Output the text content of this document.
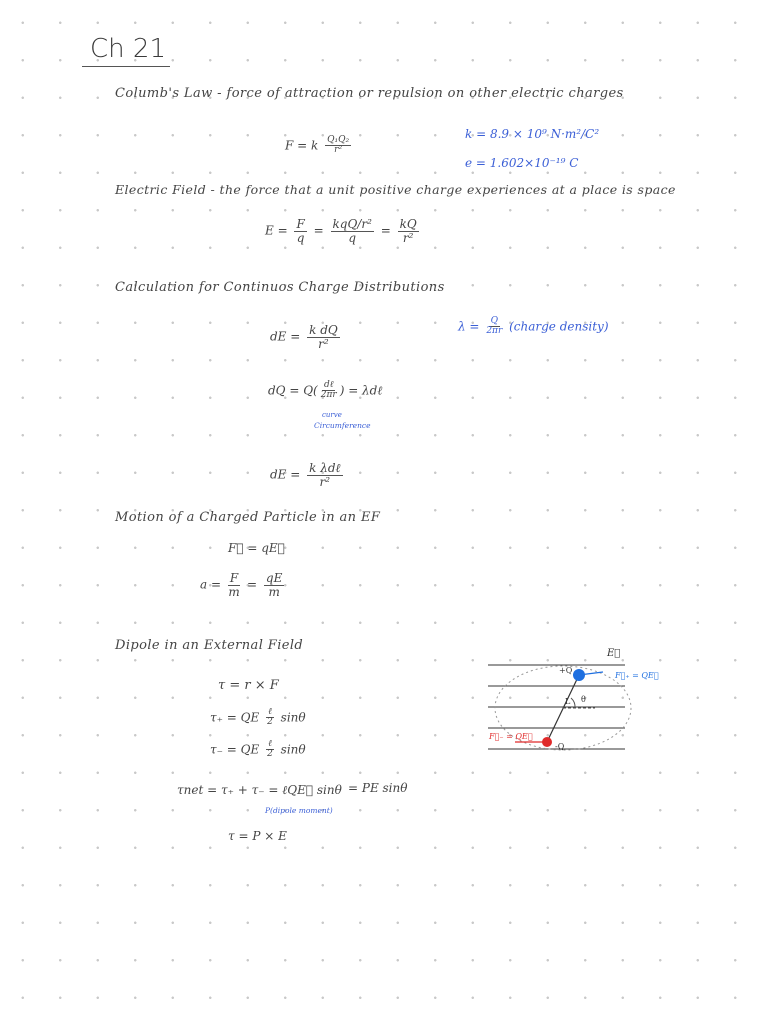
Ch 21
Columb's Law - force of attraction or repulsion on other electric charges
F = k $\frac{\text{Q₁Q₂}}{\text{r²}}$
k = 8.9 × 10⁹ N·m²/C²
e = 1.602×10⁻¹⁹ C
Electric Field - the force that a unit positive charge experiences at a place is space
$E = \frac{F}{q} = \frac{\text{kqQ/r²}}{q} = \frac{kQ}{\text{r²}}$
Calculation for Continuos Charge Distributions
dE = $\frac{\text{k dQ}}{\text{r²}}$	$\lambda = \frac{Q}{2\pi r}$ (charge density)
dQ = $Q( \frac{\text{dℓ}}{2\pi r}$ ) = λdℓ
curve
Circumference
dE = $\frac{\text{k λdℓ}}{\text{r²}}$
Motion of a Charged Particle in an EF
F⃗ = qE⃗
$a = \frac{F}{m} = \frac{qE}{m}$
Dipole in an External Field
τ = r × F
τ₊ = QE $\frac{\text{ℓ}}{2}$ sinθ
τ₋ = QE $\frac{\text{ℓ}}{2}$ sinθ
τnet = τ₊ + τ₋ = ℓQE⃗ sinθ = PE sinθ
P(dipole moment)
τ = P × E
E⃗
+Q
-Q
F⃗₊ = QE⃗
F⃗₋ = QE⃗
L θ
